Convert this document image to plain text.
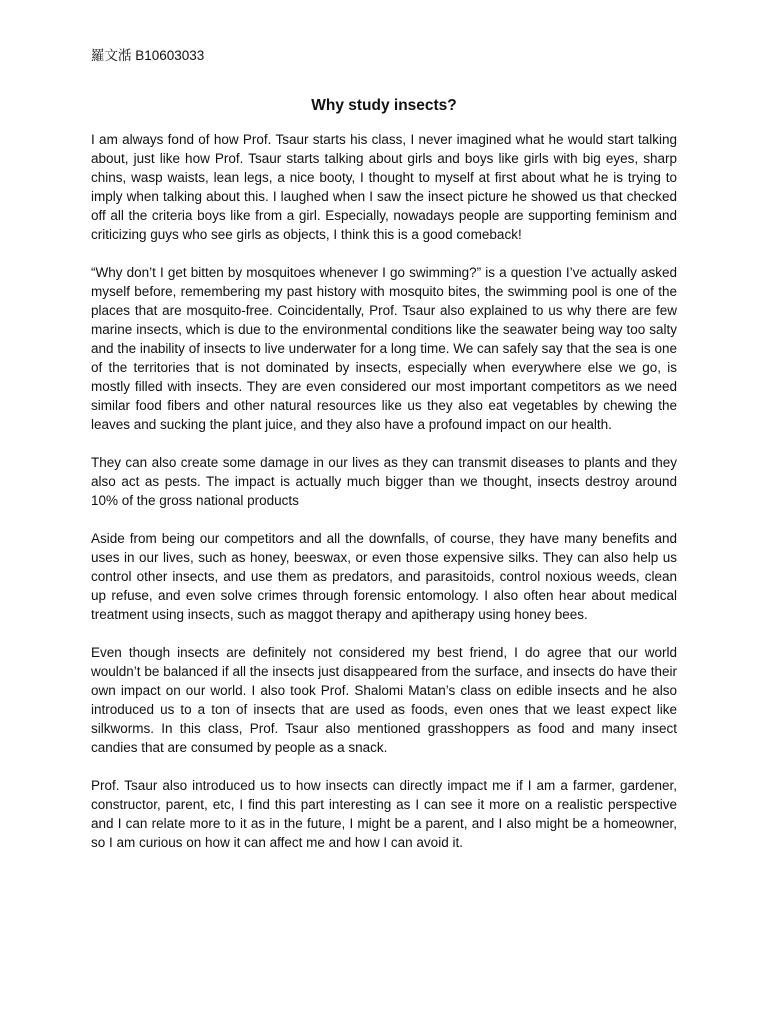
羅文湉 B10603033

Why study insects?

I am always fond of how Prof. Tsaur starts his class, I never imagined what he would start talking about, just like how Prof. Tsaur starts talking about girls and boys like girls with big eyes, sharp chins, wasp waists, lean legs, a nice booty, I thought to myself at first about what he is trying to imply when talking about this. I laughed when I saw the insect picture he showed us that checked off all the criteria boys like from a girl. Especially, nowadays people are supporting feminism and criticizing guys who see girls as objects, I think this is a good comeback!

“Why don’t I get bitten by mosquitoes whenever I go swimming?” is a question I’ve actually asked myself before, remembering my past history with mosquito bites, the swimming pool is one of the places that are mosquito-free. Coincidentally, Prof. Tsaur also explained to us why there are few marine insects, which is due to the environmental conditions like the seawater being way too salty and the inability of insects to live underwater for a long time. We can safely say that the sea is one of the territories that is not dominated by insects, especially when everywhere else we go, is mostly filled with insects. They are even considered our most important competitors as we need similar food fibers and other natural resources like us they also eat vegetables by chewing the leaves and sucking the plant juice, and they also have a profound impact on our health.

They can also create some damage in our lives as they can transmit diseases to plants and they also act as pests. The impact is actually much bigger than we thought, insects destroy around 10% of the gross national products

Aside from being our competitors and all the downfalls, of course, they have many benefits and uses in our lives, such as honey, beeswax, or even those expensive silks. They can also help us control other insects, and use them as predators, and parasitoids, control noxious weeds, clean up refuse, and even solve crimes through forensic entomology. I also often hear about medical treatment using insects, such as maggot therapy and apitherapy using honey bees.

Even though insects are definitely not considered my best friend, I do agree that our world wouldn’t be balanced if all the insects just disappeared from the surface, and insects do have their own impact on our world. I also took Prof. Shalomi Matan’s class on edible insects and he also introduced us to a ton of insects that are used as foods, even ones that we least expect like silkworms. In this class, Prof. Tsaur also mentioned grasshoppers as food and many insect candies that are consumed by people as a snack.

Prof. Tsaur also introduced us to how insects can directly impact me if I am a farmer, gardener, constructor, parent, etc, I find this part interesting as I can see it more on a realistic perspective and I can relate more to it as in the future, I might be a parent, and I also might be a homeowner, so I am curious on how it can affect me and how I can avoid it.
